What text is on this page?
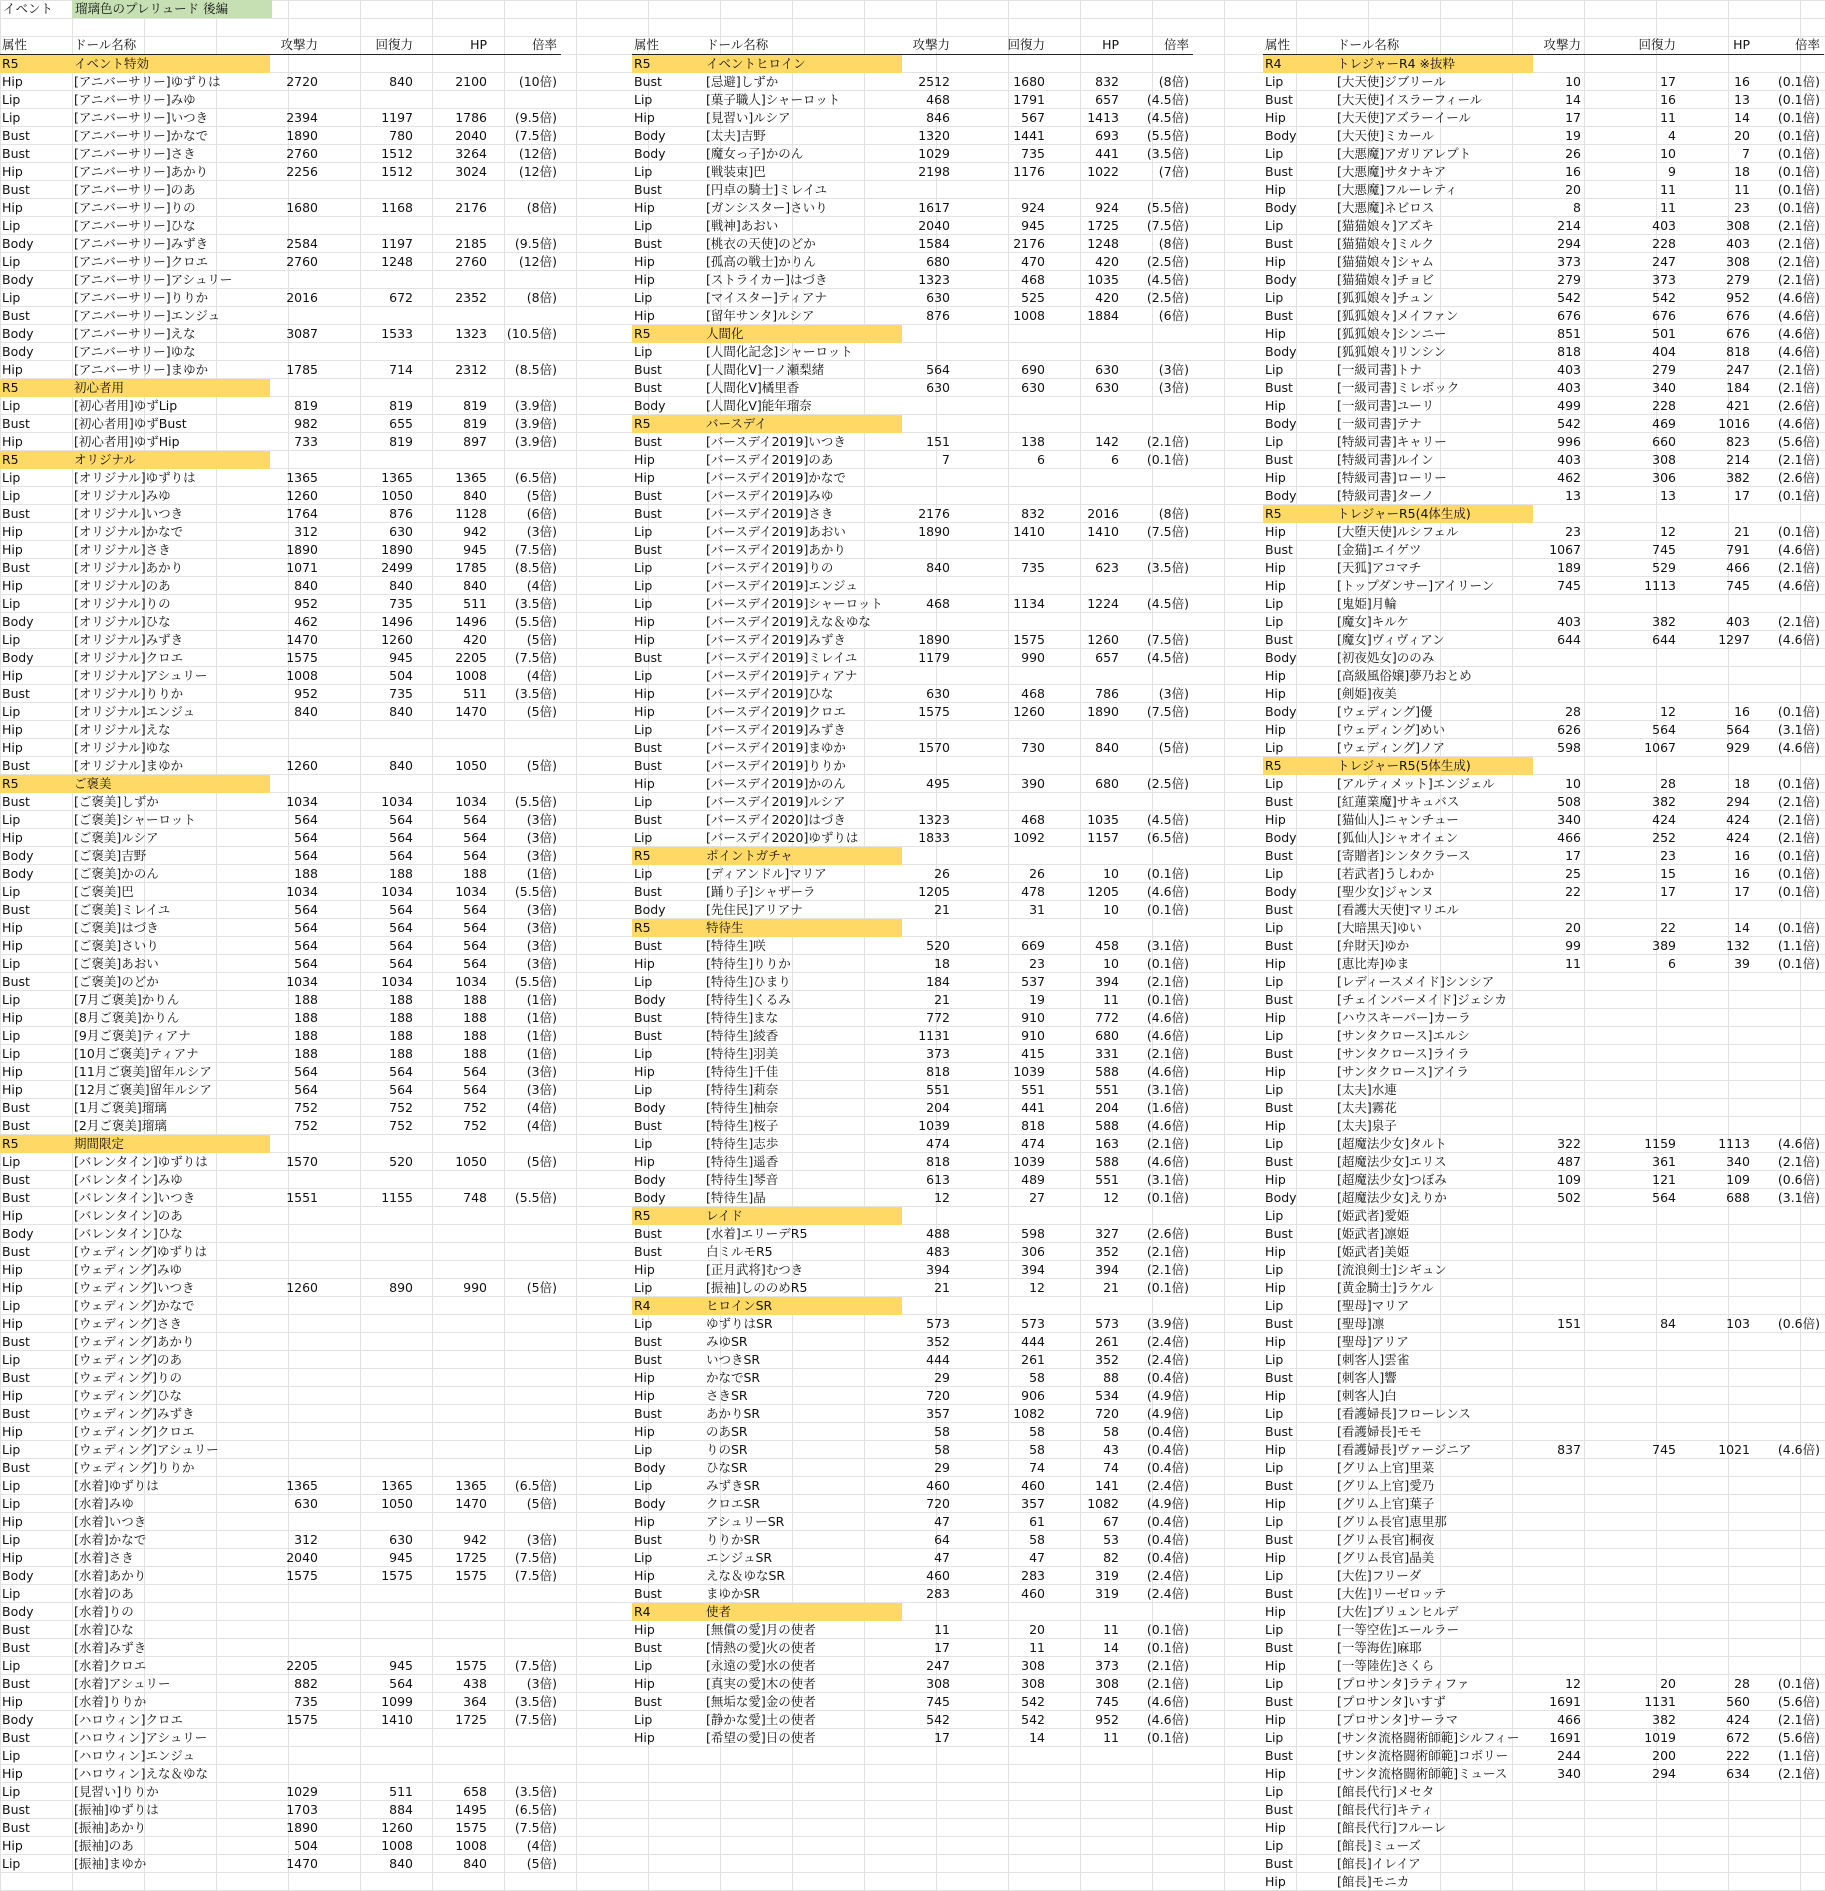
イベント	瑠璃色のプレリュード 後編
属性	ドール名称	攻撃力	回復力	HP	倍率
R5	イベント特効
Hip	[アニバーサリー]ゆずりは	2720	840	2100	(10倍)
Lip	[アニバーサリー]みゆ
Lip	[アニバーサリー]いつき	2394	1197	1786	(9.5倍)
Bust	[アニバーサリー]かなで	1890	780	2040	(7.5倍)
Bust	[アニバーサリー]さき	2760	1512	3264	(12倍)
Hip	[アニバーサリー]あかり	2256	1512	3024	(12倍)
Bust	[アニバーサリー]のあ
Hip	[アニバーサリー]りの	1680	1168	2176	(8倍)
Lip	[アニバーサリー]ひな
Body	[アニバーサリー]みずき	2584	1197	2185	(9.5倍)
Lip	[アニバーサリー]クロエ	2760	1248	2760	(12倍)
Body	[アニバーサリー]アシュリー
Lip	[アニバーサリー]りりか	2016	672	2352	(8倍)
Bust	[アニバーサリー]エンジュ
Body	[アニバーサリー]えな	3087	1533	1323	(10.5倍)
Body	[アニバーサリー]ゆな
Hip	[アニバーサリー]まゆか	1785	714	2312	(8.5倍)
R5	初心者用
Lip	[初心者用]ゆずLip	819	819	819	(3.9倍)
Bust	[初心者用]ゆずBust	982	655	819	(3.9倍)
Hip	[初心者用]ゆずHip	733	819	897	(3.9倍)
R5	オリジナル
Lip	[オリジナル]ゆずりは	1365	1365	1365	(6.5倍)
Lip	[オリジナル]みゆ	1260	1050	840	(5倍)
Bust	[オリジナル]いつき	1764	876	1128	(6倍)
Hip	[オリジナル]かなで	312	630	942	(3倍)
Hip	[オリジナル]さき	1890	1890	945	(7.5倍)
Bust	[オリジナル]あかり	1071	2499	1785	(8.5倍)
Hip	[オリジナル]のあ	840	840	840	(4倍)
Lip	[オリジナル]りの	952	735	511	(3.5倍)
Body	[オリジナル]ひな	462	1496	1496	(5.5倍)
Lip	[オリジナル]みずき	1470	1260	420	(5倍)
Body	[オリジナル]クロエ	1575	945	2205	(7.5倍)
Hip	[オリジナル]アシュリー	1008	504	1008	(4倍)
Bust	[オリジナル]りりか	952	735	511	(3.5倍)
Lip	[オリジナル]エンジュ	840	840	1470	(5倍)
Hip	[オリジナル]えな
Hip	[オリジナル]ゆな
Bust	[オリジナル]まゆか	1260	840	1050	(5倍)
R5	ご褒美
Bust	[ご褒美]しずか	1034	1034	1034	(5.5倍)
Lip	[ご褒美]シャーロット	564	564	564	(3倍)
Hip	[ご褒美]ルシア	564	564	564	(3倍)
Body	[ご褒美]吉野	564	564	564	(3倍)
Body	[ご褒美]かのん	188	188	188	(1倍)
Lip	[ご褒美]巴	1034	1034	1034	(5.5倍)
Bust	[ご褒美]ミレイユ	564	564	564	(3倍)
Hip	[ご褒美]はづき	564	564	564	(3倍)
Hip	[ご褒美]さいり	564	564	564	(3倍)
Lip	[ご褒美]あおい	564	564	564	(3倍)
Bust	[ご褒美]のどか	1034	1034	1034	(5.5倍)
Lip	[7月ご褒美]かりん	188	188	188	(1倍)
Hip	[8月ご褒美]かりん	188	188	188	(1倍)
Lip	[9月ご褒美]ティアナ	188	188	188	(1倍)
Lip	[10月ご褒美]ティアナ	188	188	188	(1倍)
Hip	[11月ご褒美]留年ルシア	564	564	564	(3倍)
Hip	[12月ご褒美]留年ルシア	564	564	564	(3倍)
Bust	[1月ご褒美]瑠璃	752	752	752	(4倍)
Bust	[2月ご褒美]瑠璃	752	752	752	(4倍)
R5	期間限定
Lip	[バレンタイン]ゆずりは	1570	520	1050	(5倍)
Bust	[バレンタイン]みゆ
Bust	[バレンタイン]いつき	1551	1155	748	(5.5倍)
Hip	[バレンタイン]のあ
Body	[バレンタイン]ひな
Bust	[ウェディング]ゆずりは
Hip	[ウェディング]みゆ
Hip	[ウェディング]いつき	1260	890	990	(5倍)
Lip	[ウェディング]かなで
Hip	[ウェディング]さき
Bust	[ウェディング]あかり
Lip	[ウェディング]のあ
Bust	[ウェディング]りの
Hip	[ウェディング]ひな
Bust	[ウェディング]みずき
Hip	[ウェディング]クロエ
Lip	[ウェディング]アシュリー
Bust	[ウェディング]りりか
Lip	[水着]ゆずりは	1365	1365	1365	(6.5倍)
Lip	[水着]みゆ	630	1050	1470	(5倍)
Hip	[水着]いつき
Lip	[水着]かなで	312	630	942	(3倍)
Hip	[水着]さき	2040	945	1725	(7.5倍)
Body	[水着]あかり	1575	1575	1575	(7.5倍)
Lip	[水着]のあ
Body	[水着]りの
Bust	[水着]ひな
Bust	[水着]みずき
Lip	[水着]クロエ	2205	945	1575	(7.5倍)
Bust	[水着]アシュリー	882	564	438	(3倍)
Hip	[水着]りりか	735	1099	364	(3.5倍)
Body	[ハロウィン]クロエ	1575	1410	1725	(7.5倍)
Bust	[ハロウィン]アシュリー
Lip	[ハロウィン]エンジュ
Hip	[ハロウィン]えな＆ゆな
Lip	[見習い]りりか	1029	511	658	(3.5倍)
Bust	[振袖]ゆずりは	1703	884	1495	(6.5倍)
Bust	[振袖]あかり	1890	1260	1575	(7.5倍)
Hip	[振袖]のあ	504	1008	1008	(4倍)
Lip	[振袖]まゆか	1470	840	840	(5倍)
属性	ドール名称	攻撃力	回復力	HP	倍率
R5	イベントヒロイン
Bust	[忌避]しずか	2512	1680	832	(8倍)
Lip	[菓子職人]シャーロット	468	1791	657	(4.5倍)
Hip	[見習い]ルシア	846	567	1413	(4.5倍)
Body	[太夫]吉野	1320	1441	693	(5.5倍)
Body	[魔女っ子]かのん	1029	735	441	(3.5倍)
Lip	[戦装束]巴	2198	1176	1022	(7倍)
Bust	[円卓の騎士]ミレイユ
Hip	[ガンシスター]さいり	1617	924	924	(5.5倍)
Lip	[戦神]あおい	2040	945	1725	(7.5倍)
Bust	[桃衣の天使]のどか	1584	2176	1248	(8倍)
Hip	[孤高の戦士]かりん	680	470	420	(2.5倍)
Hip	[ストライカー]はづき	1323	468	1035	(4.5倍)
Lip	[マイスター]ティアナ	630	525	420	(2.5倍)
Hip	[留年サンタ]ルシア	876	1008	1884	(6倍)
R5	人間化
Lip	[人間化記念]シャーロット
Bust	[人間化V]一ノ瀬梨緒	564	690	630	(3倍)
Bust	[人間化V]橘里香	630	630	630	(3倍)
Body	[人間化V]能年瑠奈
R5	バースデイ
Bust	[バースデイ2019]いつき	151	138	142	(2.1倍)
Hip	[バースデイ2019]のあ	7	6	6	(0.1倍)
Hip	[バースデイ2019]かなで
Bust	[バースデイ2019]みゆ
Bust	[バースデイ2019]さき	2176	832	2016	(8倍)
Lip	[バースデイ2019]あおい	1890	1410	1410	(7.5倍)
Bust	[バースデイ2019]あかり
Lip	[バースデイ2019]りの	840	735	623	(3.5倍)
Lip	[バースデイ2019]エンジュ
Lip	[バースデイ2019]シャーロット	468	1134	1224	(4.5倍)
Hip	[バースデイ2019]えな＆ゆな
Hip	[バースデイ2019]みずき	1890	1575	1260	(7.5倍)
Bust	[バースデイ2019]ミレイユ	1179	990	657	(4.5倍)
Lip	[バースデイ2019]ティアナ
Hip	[バースデイ2019]ひな	630	468	786	(3倍)
Hip	[バースデイ2019]クロエ	1575	1260	1890	(7.5倍)
Lip	[バースデイ2019]みずき
Bust	[バースデイ2019]まゆか	1570	730	840	(5倍)
Bust	[バースデイ2019]りりか
Hip	[バースデイ2019]かのん	495	390	680	(2.5倍)
Lip	[バースデイ2019]ルシア
Bust	[バースデイ2020]はづき	1323	468	1035	(4.5倍)
Lip	[バースデイ2020]ゆずりは	1833	1092	1157	(6.5倍)
R5	ポイントガチャ
Lip	[ディアンドル]マリア	26	26	10	(0.1倍)
Bust	[踊り子]シャザーラ	1205	478	1205	(4.6倍)
Body	[先住民]アリアナ	21	31	10	(0.1倍)
R5	特待生
Bust	[特待生]咲	520	669	458	(3.1倍)
Hip	[特待生]りりか	18	23	10	(0.1倍)
Lip	[特待生]ひまり	184	537	394	(2.1倍)
Body	[特待生]くるみ	21	19	11	(0.1倍)
Bust	[特待生]まな	772	910	772	(4.6倍)
Bust	[特待生]綾香	1131	910	680	(4.6倍)
Lip	[特待生]羽美	373	415	331	(2.1倍)
Hip	[特待生]千佳	818	1039	588	(4.6倍)
Lip	[特待生]莉奈	551	551	551	(3.1倍)
Body	[特待生]柚奈	204	441	204	(1.6倍)
Bust	[特待生]桜子	1039	818	588	(4.6倍)
Lip	[特待生]志歩	474	474	163	(2.1倍)
Hip	[特待生]遥香	818	1039	588	(4.6倍)
Body	[特待生]琴音	613	489	551	(3.1倍)
Body	[特待生]晶	12	27	12	(0.1倍)
R5	レイド
Bust	[水着]エリーデR5	488	598	327	(2.6倍)
Bust	白ミルモR5	483	306	352	(2.1倍)
Hip	[正月武将]むつき	394	394	394	(2.1倍)
Lip	[振袖]しののめR5	21	12	21	(0.1倍)
R4	ヒロインSR
Lip	ゆずりはSR	573	573	573	(3.9倍)
Bust	みゆSR	352	444	261	(2.4倍)
Bust	いつきSR	444	261	352	(2.4倍)
Hip	かなでSR	29	58	88	(0.4倍)
Hip	さきSR	720	906	534	(4.9倍)
Bust	あかりSR	357	1082	720	(4.9倍)
Hip	のあSR	58	58	58	(0.4倍)
Lip	りのSR	58	58	43	(0.4倍)
Body	ひなSR	29	74	74	(0.4倍)
Lip	みずきSR	460	460	141	(2.4倍)
Body	クロエSR	720	357	1082	(4.9倍)
Hip	アシュリーSR	47	61	67	(0.4倍)
Bust	りりかSR	64	58	53	(0.4倍)
Lip	エンジュSR	47	47	82	(0.4倍)
Hip	えな＆ゆなSR	460	283	319	(2.4倍)
Bust	まゆかSR	283	460	319	(2.4倍)
R4	使者
Hip	[無償の愛]月の使者	11	20	11	(0.1倍)
Bust	[情熱の愛]火の使者	17	11	14	(0.1倍)
Lip	[永遠の愛]水の使者	247	308	373	(2.1倍)
Hip	[真実の愛]木の使者	308	308	308	(2.1倍)
Bust	[無垢な愛]金の使者	745	542	745	(4.6倍)
Lip	[静かな愛]土の使者	542	542	952	(4.6倍)
Hip	[希望の愛]日の使者	17	14	11	(0.1倍)
属性	ドール名称	攻撃力	回復力	HP	倍率
R4	トレジャーR4 ※抜粋
Lip	[大天使]ジブリール	10	17	16	(0.1倍)
Bust	[大天使]イスラーフィール	14	16	13	(0.1倍)
Hip	[大天使]アズラーイール	17	11	14	(0.1倍)
Body	[大天使]ミカール	19	4	20	(0.1倍)
Lip	[大悪魔]アガリアレプト	26	10	7	(0.1倍)
Bust	[大悪魔]サタナキア	16	9	18	(0.1倍)
Hip	[大悪魔]フルーレティ	20	11	11	(0.1倍)
Body	[大悪魔]ネビロス	8	11	23	(0.1倍)
Lip	[猫猫娘々]アズキ	214	403	308	(2.1倍)
Bust	[猫猫娘々]ミルク	294	228	403	(2.1倍)
Hip	[猫猫娘々]シャム	373	247	308	(2.1倍)
Body	[猫猫娘々]チョビ	279	373	279	(2.1倍)
Lip	[狐狐娘々]チュン	542	542	952	(4.6倍)
Bust	[狐狐娘々]メイファン	676	676	676	(4.6倍)
Hip	[狐狐娘々]シンニー	851	501	676	(4.6倍)
Body	[狐狐娘々]リンシン	818	404	818	(4.6倍)
Lip	[一級司書]トナ	403	279	247	(2.1倍)
Bust	[一級司書]ミレボック	403	340	184	(2.1倍)
Hip	[一級司書]ユーリ	499	228	421	(2.6倍)
Body	[一級司書]テナ	542	469	1016	(4.6倍)
Lip	[特級司書]キャリー	996	660	823	(5.6倍)
Bust	[特級司書]ルイン	403	308	214	(2.1倍)
Hip	[特級司書]ローリー	462	306	382	(2.6倍)
Body	[特級司書]ターノ	13	13	17	(0.1倍)
R5	トレジャーR5(4体生成)
Hip	[大堕天使]ルシフェル	23	12	21	(0.1倍)
Bust	[金猫]エイゲツ	1067	745	791	(4.6倍)
Hip	[天狐]アコマチ	189	529	466	(2.1倍)
Hip	[トップダンサー]アイリーン	745	1113	745	(4.6倍)
Lip	[鬼姫]月輪
Lip	[魔女]キルケ	403	382	403	(2.1倍)
Bust	[魔女]ヴィヴィアン	644	644	1297	(4.6倍)
Body	[初夜処女]ののみ
Hip	[高級風俗嬢]夢乃おとめ
Hip	[剣姫]夜美
Body	[ウェディング]優	28	12	16	(0.1倍)
Hip	[ウェディング]めい	626	564	564	(3.1倍)
Lip	[ウェディング]ノア	598	1067	929	(4.6倍)
R5	トレジャーR5(5体生成)
Lip	[アルティメット]エンジェル	10	28	18	(0.1倍)
Bust	[紅蓮業魔]サキュバス	508	382	294	(2.1倍)
Hip	[猫仙人]ニャンチュー	340	424	424	(2.1倍)
Body	[狐仙人]シャオイェン	466	252	424	(2.1倍)
Bust	[寄贈者]シンタクラース	17	23	16	(0.1倍)
Lip	[若武者]うしわか	25	15	16	(0.1倍)
Body	[聖少女]ジャンヌ	22	17	17	(0.1倍)
Bust	[看護大天使]マリエル
Lip	[大暗黒天]ゆい	20	22	14	(0.1倍)
Bust	[弁財天]ゆか	99	389	132	(1.1倍)
Hip	[恵比寿]ゆま	11	6	39	(0.1倍)
Lip	[レディースメイド]シンシア
Bust	[チェインバーメイド]ジェシカ
Hip	[ハウスキーパー]カーラ
Lip	[サンタクロース]エルシ
Bust	[サンタクロース]ライラ
Hip	[サンタクロース]アイラ
Lip	[太夫]水連
Bust	[太夫]霧花
Hip	[太夫]泉子
Lip	[超魔法少女]タルト	322	1159	1113	(4.6倍)
Bust	[超魔法少女]エリス	487	361	340	(2.1倍)
Hip	[超魔法少女]つぼみ	109	121	109	(0.6倍)
Body	[超魔法少女]えりか	502	564	688	(3.1倍)
Lip	[姫武者]愛姫
Bust	[姫武者]凛姫
Hip	[姫武者]美姫
Lip	[流浪剣士]シギュン
Hip	[黄金騎士]ラケル
Lip	[聖母]マリア
Bust	[聖母]凛	151	84	103	(0.6倍)
Hip	[聖母]アリア
Lip	[刺客人]雲雀
Bust	[刺客人]響
Hip	[刺客人]白
Lip	[看護婦長]フローレンス
Bust	[看護婦長]モモ
Hip	[看護婦長]ヴァージニア	837	745	1021	(4.6倍)
Lip	[グリム上官]里菜
Bust	[グリム上官]愛乃
Hip	[グリム上官]葉子
Lip	[グリム長官]恵里那
Bust	[グリム長官]桐夜
Hip	[グリム長官]晶美
Lip	[大佐]フリーダ
Bust	[大佐]リーゼロッテ
Hip	[大佐]ブリュンヒルデ
Lip	[一等空佐]エールラー
Bust	[一等海佐]麻耶
Hip	[一等陸佐]さくら
Lip	[プロサンタ]ラティファ	12	20	28	(0.1倍)
Bust	[プロサンタ]いすず	1691	1131	560	(5.6倍)
Hip	[プロサンタ]サーラマ	466	382	424	(2.1倍)
Lip	[サンタ流格闘術師範]シルフィー	1691	1019	672	(5.6倍)
Bust	[サンタ流格闘術師範]コボリー	244	200	222	(1.1倍)
Hip	[サンタ流格闘術師範]ミュース	340	294	634	(2.1倍)
Lip	[館長代行]メセタ
Bust	[館長代行]キティ
Hip	[館長代行]フルーレ
Lip	[館長]ミューズ
Bust	[館長]イレイア
Hip	[館長]モニカ
